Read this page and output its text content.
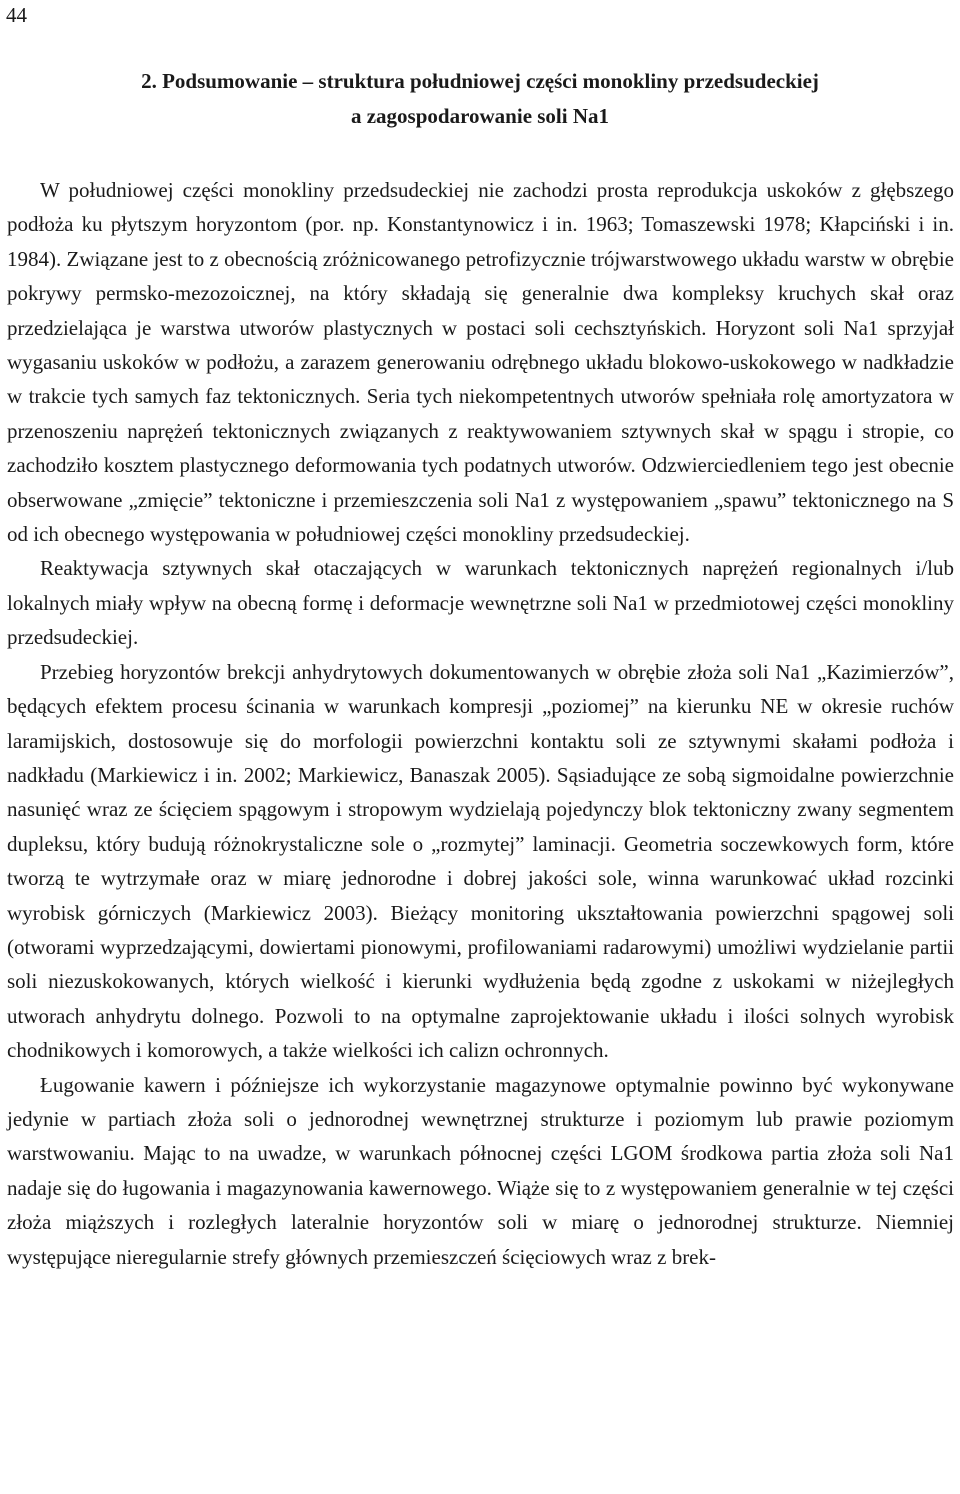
44
2. Podsumowanie – struktura południowej części monokliny przedsudeckiej
a zagospodarowanie soli Na1

W południowej części monokliny przedsudeckiej nie zachodzi prosta reprodukcja uskoków z głębszego podłoża ku płytszym horyzontom (por. np. Konstantynowicz i in. 1963; Tomaszewski 1978; Kłapciński i in. 1984). Związane jest to z obecnością zróżnicowanego petrofizycznie trójwarstwowego układu warstw w obrębie pokrywy permsko-mezozoicznej, na który składają się generalnie dwa kompleksy kruchych skał oraz przedzielająca je warstwa utworów plastycznych w postaci soli cechsztyńskich. Horyzont soli Na1 sprzyjał wygasaniu uskoków w podłożu, a zarazem generowaniu odrębnego układu blokowo-uskokowego w nadkładzie w trakcie tych samych faz tektonicznych. Seria tych niekompetentnych utworów spełniała rolę amortyzatora w przenoszeniu naprężeń tektonicznych związanych z reaktywowaniem sztywnych skał w spągu i stropie, co zachodziło kosztem plastycznego deformowania tych podatnych utworów. Odzwierciedleniem tego jest obecnie obserwowane „zmięcie” tektoniczne i przemieszczenia soli Na1 z występowaniem „spawu” tektonicznego na S od ich obecnego występowania w południowej części monokliny przedsudeckiej.

Reaktywacja sztywnych skał otaczających w warunkach tektonicznych naprężeń regionalnych i/lub lokalnych miały wpływ na obecną formę i deformacje wewnętrzne soli Na1 w przedmiotowej części monokliny przedsudeckiej.

Przebieg horyzontów brekcji anhydrytowych dokumentowanych w obrębie złoża soli Na1 „Kazimierzów”, będących efektem procesu ścinania w warunkach kompresji „poziomej” na kierunku NE w okresie ruchów laramijskich, dostosowuje się do morfologii powierzchni kontaktu soli ze sztywnymi skałami podłoża i nadkładu (Markiewicz i in. 2002; Markiewicz, Banaszak 2005). Sąsiadujące ze sobą sigmoidalne powierzchnie nasunięć wraz ze ścięciem spągowym i stropowym wydzielają pojedynczy blok tektoniczny zwany segmentem dupleksu, który budują różnokrystaliczne sole o „rozmytej” laminacji. Geometria soczewkowych form, które tworzą te wytrzymałe oraz w miarę jednorodne i dobrej jakości sole, winna warunkować układ rozcinki wyrobisk górniczych (Markiewicz 2003). Bieżący monitoring ukształtowania powierzchni spągowej soli (otworami wyprzedzającymi, dowiertami pionowymi, profilowaniami radarowymi) umożliwi wydzielanie partii soli niezuskokowanych, których wielkość i kierunki wydłużenia będą zgodne z uskokami w niżejległych utworach anhydrytu dolnego. Pozwoli to na optymalne zaprojektowanie układu i ilości solnych wyrobisk chodnikowych i komorowych, a także wielkości ich calizn ochronnych.

Ługowanie kawern i późniejsze ich wykorzystanie magazynowe optymalnie powinno być wykonywane jedynie w partiach złoża soli o jednorodnej wewnętrznej strukturze i poziomym lub prawie poziomym warstwowaniu. Mając to na uwadze, w warunkach północnej części LGOM środkowa partia złoża soli Na1 nadaje się do ługowania i magazynowania kawernowego. Wiąże się to z występowaniem generalnie w tej części złoża miąższych i rozległych lateralnie horyzontów soli w miarę o jednorodnej strukturze. Niemniej występujące nieregularnie strefy głównych przemieszczeń ścięciowych wraz z brek-
